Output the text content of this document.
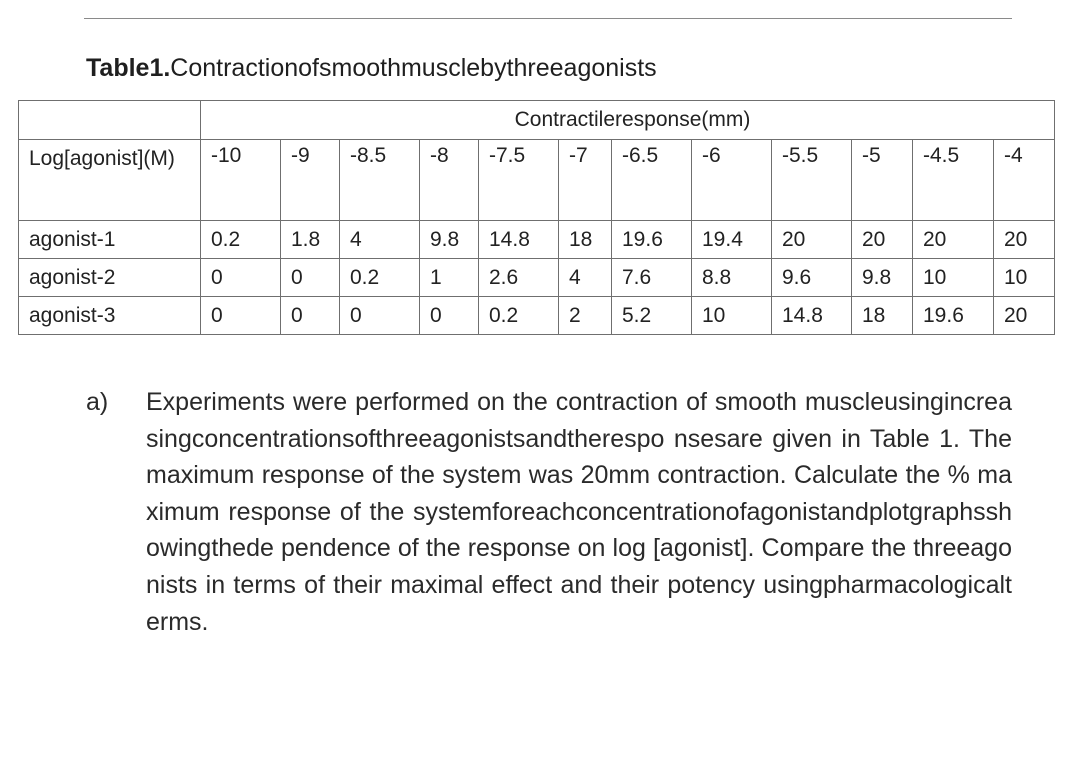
Table1.Contractionofsmoothmusclebythreeagonists
	Contractileresponse(mm)											
Log[agonist](M)	-10	-9	-8.5	-8	-7.5	-7	-6.5	-6	-5.5	-5	-4.5	-4
agonist-1	0.2	1.8	4	9.8	14.8	18	19.6	19.4	20	20	20	20
agonist-2	0	0	0.2	1	2.6	4	7.6	8.8	9.6	9.8	10	10
agonist-3	0	0	0	0	0.2	2	5.2	10	14.8	18	19.6	20
a) Experiments were performed on the contraction of smooth muscleusingincreasingconcentrationsofthreeagonistsandtherespo nsesare given in Table 1. The maximum response of the system was 20mm contraction. Calculate the % maximum response of the systemforeachconcentrationofagonistandplotgraphsshowingthede pendence of the response on log [agonist]. Compare the threeagonists in terms of their maximal effect and their potency usingpharmacologicalterms.
